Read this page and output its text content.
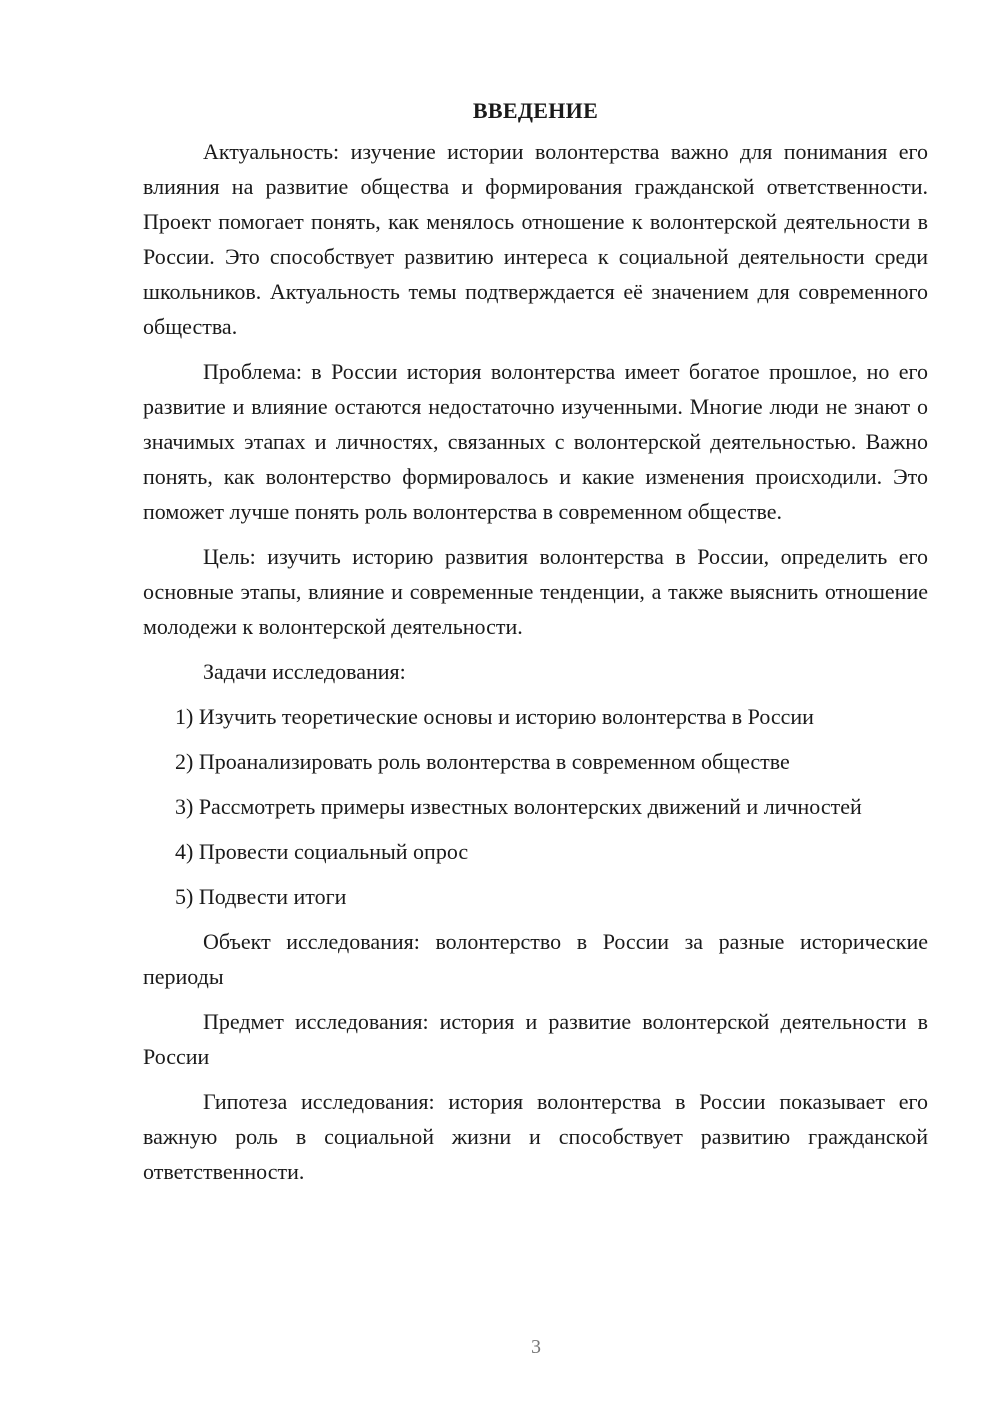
ВВЕДЕНИЕ

Актуальность: изучение истории волонтерства важно для понимания его влияния на развитие общества и формирования гражданской ответственности. Проект помогает понять, как менялось отношение к волонтерской деятельности в России. Это способствует развитию интереса к социальной деятельности среди школьников. Актуальность темы подтверждается её значением для современного общества.

Проблема: в России история волонтерства имеет богатое прошлое, но его развитие и влияние остаются недостаточно изученными. Многие люди не знают о значимых этапах и личностях, связанных с волонтерской деятельностью. Важно понять, как волонтерство формировалось и какие изменения происходили. Это поможет лучше понять роль волонтерства в современном обществе.

Цель: изучить историю развития волонтерства в России, определить его основные этапы, влияние и современные тенденции, а также выяснить отношение молодежи к волонтерской деятельности.

Задачи исследования:

1) Изучить теоретические основы и историю волонтерства в России

2) Проанализировать роль волонтерства в современном обществе

3) Рассмотреть примеры известных волонтерских движений и личностей

4) Провести социальный опрос

5) Подвести итоги

Объект исследования: волонтерство в России за разные исторические периоды

Предмет исследования: история и развитие волонтерской деятельности в России

Гипотеза исследования: история волонтерства в России показывает его важную роль в социальной жизни и способствует развитию гражданской ответственности.

3
